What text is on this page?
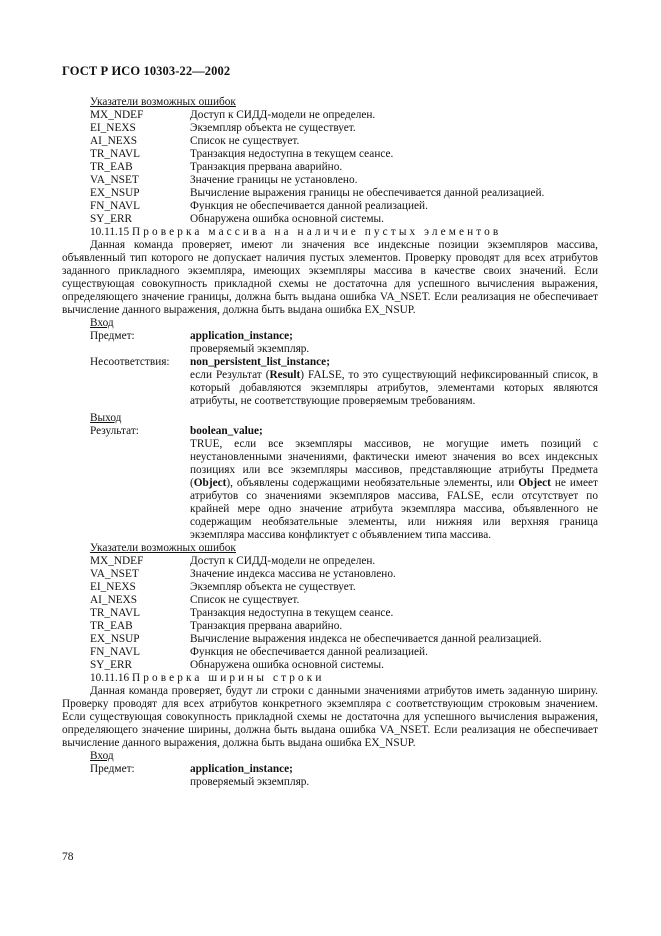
ГОСТ Р ИСО 10303-22—2002
Указатели возможных ошибок
MX_NDEF	Доступ к СИДД-модели не определен.
EI_NEXS	Экземпляр объекта не существует.
AI_NEXS	Список не существует.
TR_NAVL	Транзакция недоступна в текущем сеансе.
TR_EAB	Транзакция прервана аварийно.
VA_NSET	Значение границы не установлено.
EX_NSUP	Вычисление выражения границы не обеспечивается данной реализацией.
FN_NAVL	Функция не обеспечивается данной реализацией.
SY_ERR	Обнаружена ошибка основной системы.
10.11.15 Проверка массива на наличие пустых элементов
Данная команда проверяет, имеют ли значения все индексные позиции экземпляров массива, объявленный тип которого не допускает наличия пустых элементов. Проверку проводят для всех атрибутов заданного прикладного экземпляра, имеющих экземпляры массива в качестве своих значений. Если существующая совокупность прикладной схемы не достаточна для успешного вычисления выражения, определяющего значение границы, должна быть выдана ошибка VA_NSET. Если реализация не обеспечивает вычисление данного выражения, должна быть выдана ошибка EX_NSUP.
Вход
Предмет:	application_instance;
проверяемый экземпляр.
Несоответствия:	non_persistent_list_instance;
если Результат (Result) FALSE, то это существующий нефиксированный список, в который добавляются экземпляры атрибутов, элементами которых являются атрибуты, не соответствующие проверяемым требованиям.
Выход
Результат:	boolean_value;
TRUE, если все экземпляры массивов, не могущие иметь позиций с неустановленными значениями, фактически имеют значения во всех индексных позициях или все экземпляры массивов, представляющие атрибуты Предмета (Object), объявлены содержащими необязательные элементы, или Object не имеет атрибутов со значениями экземпляров массива, FALSE, если отсутствует по крайней мере одно значение атрибута экземпляра массива, объявленного не содержащим необязательные элементы, или нижняя или верхняя граница экземпляра массива конфликтует с объявлением типа массива.
Указатели возможных ошибок
MX_NDEF	Доступ к СИДД-модели не определен.
VA_NSET	Значение индекса массива не установлено.
EI_NEXS	Экземпляр объекта не существует.
AI_NEXS	Список не существует.
TR_NAVL	Транзакция недоступна в текущем сеансе.
TR_EAB	Транзакция прервана аварийно.
EX_NSUP	Вычисление выражения индекса не обеспечивается данной реализацией.
FN_NAVL	Функция не обеспечивается данной реализацией.
SY_ERR	Обнаружена ошибка основной системы.
10.11.16 Проверка ширины строки
Данная команда проверяет, будут ли строки с данными значениями атрибутов иметь заданную ширину. Проверку проводят для всех атрибутов конкретного экземпляра с соответствующим строковым значением. Если существующая совокупность прикладной схемы не достаточна для успешного вычисления выражения, определяющего значение ширины, должна быть выдана ошибка VA_NSET. Если реализация не обеспечивает вычисление данного выражения, должна быть выдана ошибка EX_NSUP.
Вход
Предмет:	application_instance;
проверяемый экземпляр.
78
